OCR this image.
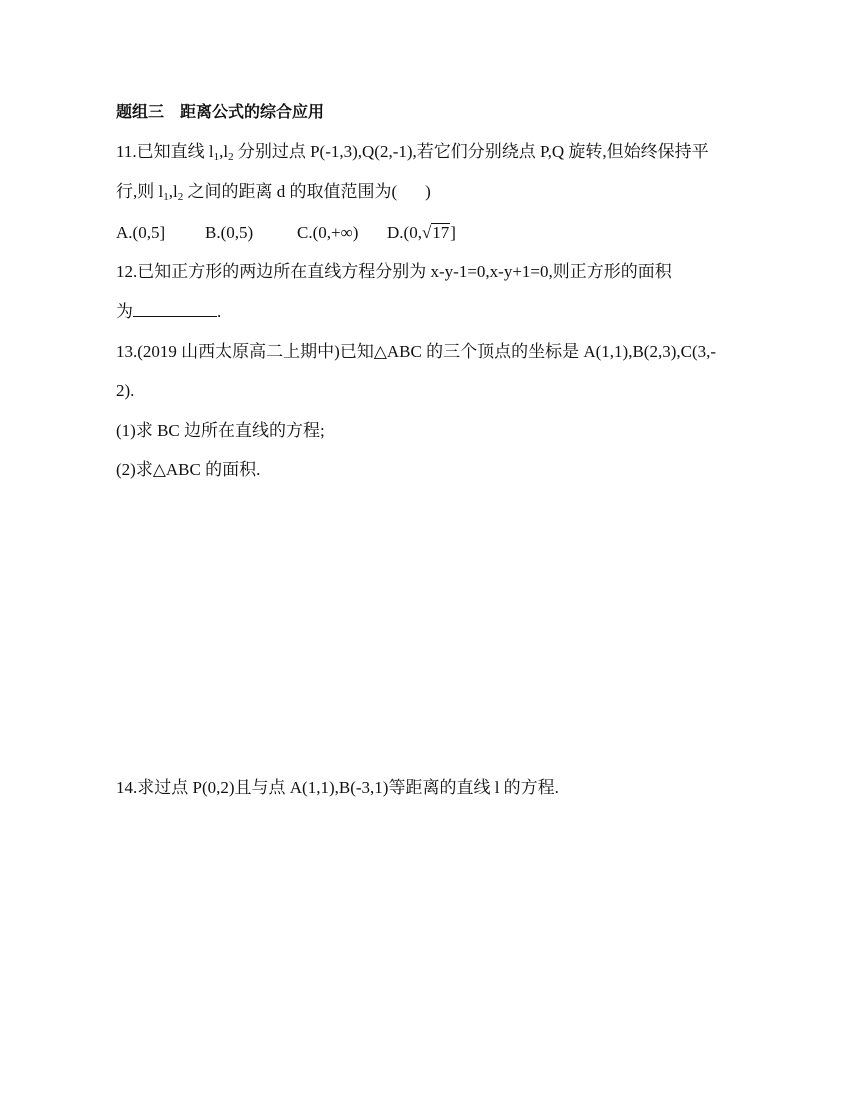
题组三　距离公式的综合应用
11.已知直线 $l_1,l_2$ 分别过点 P(-1,3),Q(2,-1),若它们分别绕点 P,Q 旋转,但始终保持平
行,则 $l_1,l_2$ 之间的距离 d 的取值范围为( )
A.(0,5] B.(0,5)	C.(0,+∞) D.(0,√17]
12.已知正方形的两边所在直线方程分别为 x-y-1=0,x-y+1=0,则正方形的面积
为	.
13.(2019 山西太原高二上期中)已知△ABC 的三个顶点的坐标是 A(1,1),B(2,3),C(3,-
2).
(1)求 BC 边所在直线的方程;
(2)求△ABC 的面积.
14.求过点 P(0,2)且与点 A(1,1),B(-3,1)等距离的直线 l 的方程.
